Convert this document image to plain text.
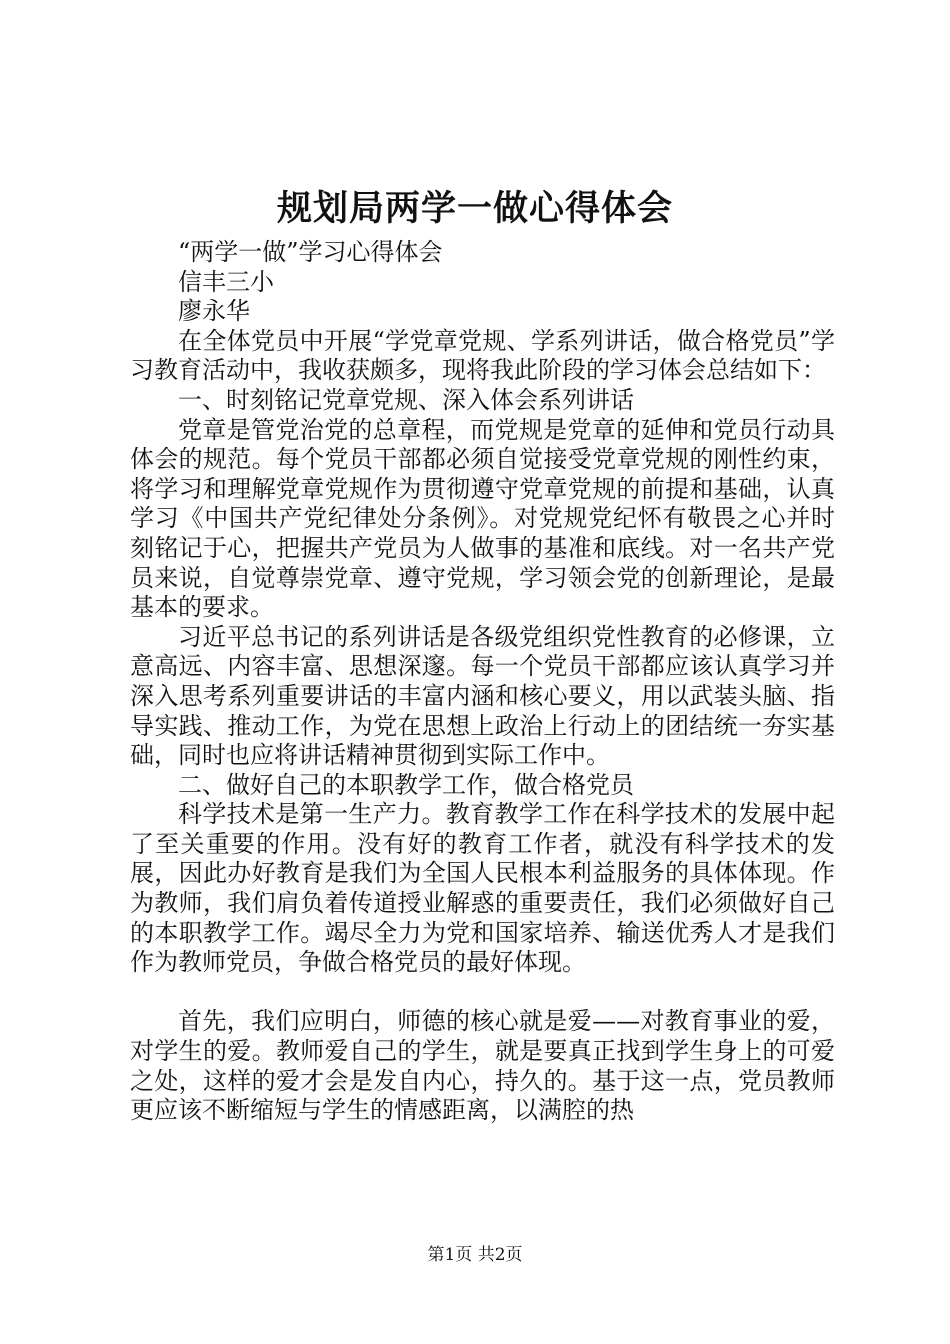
规划局两学一做心得体会

“两学一做”学习心得体会

信丰三小

廖永华

在全体党员中开展“学党章党规、学系列讲话，做合格党员”学习教育活动中，我收获颇多，现将我此阶段的学习体会总结如下：

一、时刻铭记党章党规、深入体会系列讲话

党章是管党治党的总章程，而党规是党章的延伸和党员行动具体会的规范。每个党员干部都必须自觉接受党章党规的刚性约束，将学习和理解党章党规作为贯彻遵守党章党规的前提和基础，认真学习《中国共产党纪律处分条例》。对党规党纪怀有敬畏之心并时刻铭记于心，把握共产党员为人做事的基准和底线。对一名共产党员来说，自觉尊崇党章、遵守党规，学习领会党的创新理论，是最基本的要求。

习近平总书记的系列讲话是各级党组织党性教育的必修课，立意高远、内容丰富、思想深邃。每一个党员干部都应该认真学习并深入思考系列重要讲话的丰富内涵和核心要义，用以武装头脑、指导实践、推动工作，为党在思想上政治上行动上的团结统一夯实基础，同时也应将讲话精神贯彻到实际工作中。

二、做好自己的本职教学工作，做合格党员

科学技术是第一生产力。教育教学工作在科学技术的发展中起了至关重要的作用。没有好的教育工作者，就没有科学技术的发展，因此办好教育是我们为全国人民根本利益服务的具体体现。作为教师，我们肩负着传道授业解惑的重要责任，我们必须做好自己的本职教学工作。竭尽全力为党和国家培养、输送优秀人才是我们作为教师党员，争做合格党员的最好体现。

首先，我们应明白，师德的核心就是爱——对教育事业的爱，对学生的爱。教师爱自己的学生，就是要真正找到学生身上的可爱之处，这样的爱才会是发自内心，持久的。基于这一点，党员教师更应该不断缩短与学生的情感距离，以满腔的热

第1页 共2页
